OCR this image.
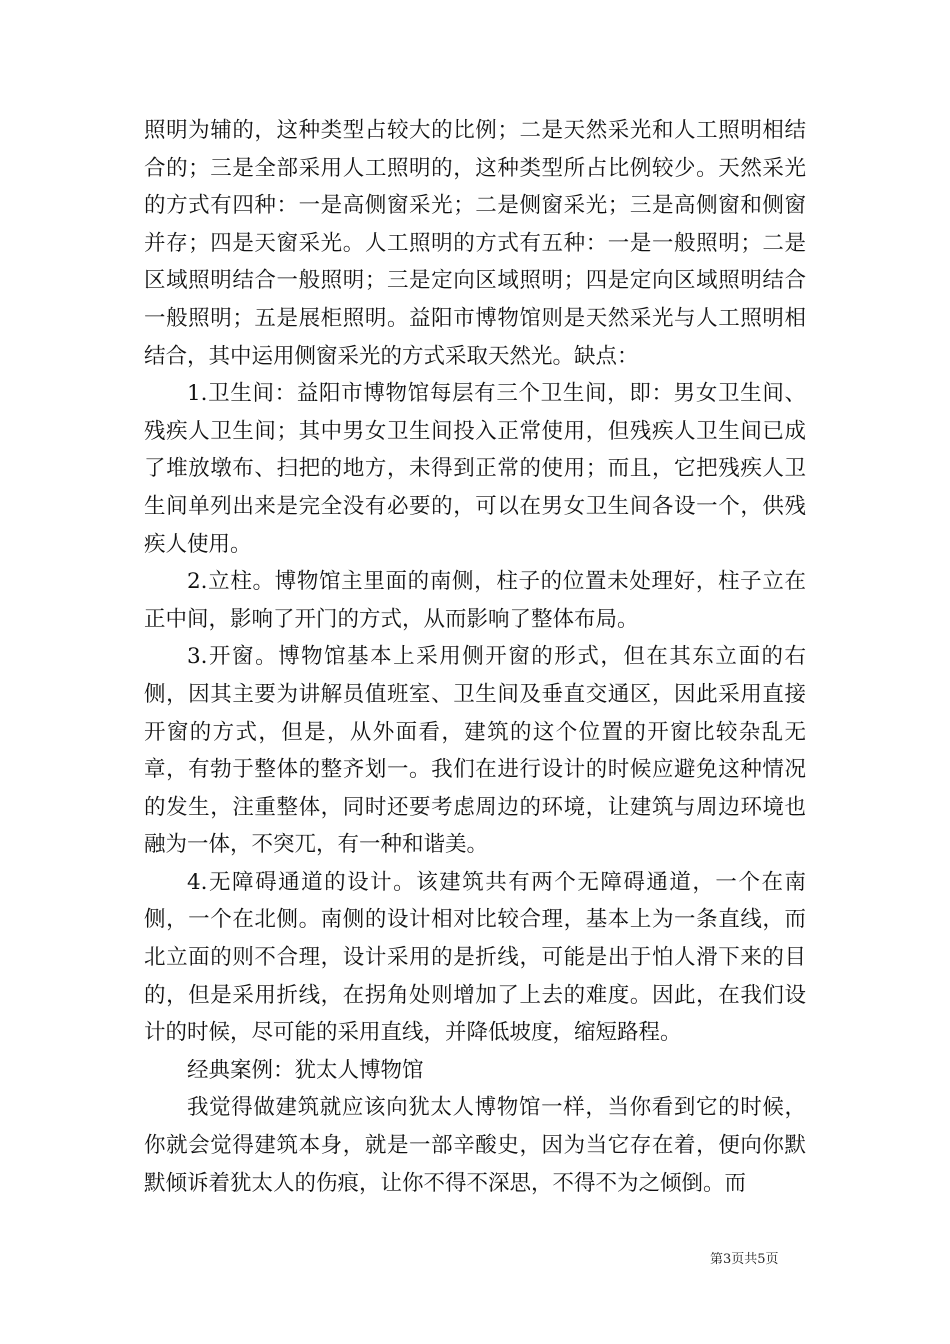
照明为辅的，这种类型占较大的比例；二是天然采光和人工照明相结合的；三是全部采用人工照明的，这种类型所占比例较少。天然采光的方式有四种：一是高侧窗采光；二是侧窗采光；三是高侧窗和侧窗并存；四是天窗采光。人工照明的方式有五种：一是一般照明；二是区域照明结合一般照明；三是定向区域照明；四是定向区域照明结合一般照明；五是展柜照明。益阳市博物馆则是天然采光与人工照明相结合，其中运用侧窗采光的方式采取天然光。缺点：

1.卫生间：益阳市博物馆每层有三个卫生间，即：男女卫生间、残疾人卫生间；其中男女卫生间投入正常使用，但残疾人卫生间已成了堆放墩布、扫把的地方，未得到正常的使用；而且，它把残疾人卫生间单列出来是完全没有必要的，可以在男女卫生间各设一个，供残疾人使用。

2.立柱。博物馆主里面的南侧，柱子的位置未处理好，柱子立在正中间，影响了开门的方式，从而影响了整体布局。

3.开窗。博物馆基本上采用侧开窗的形式，但在其东立面的右侧，因其主要为讲解员值班室、卫生间及垂直交通区，因此采用直接开窗的方式，但是，从外面看，建筑的这个位置的开窗比较杂乱无章，有勃于整体的整齐划一。我们在进行设计的时候应避免这种情况的发生，注重整体，同时还要考虑周边的环境，让建筑与周边环境也融为一体，不突兀，有一种和谐美。

4.无障碍通道的设计。该建筑共有两个无障碍通道，一个在南侧，一个在北侧。南侧的设计相对比较合理，基本上为一条直线，而北立面的则不合理，设计采用的是折线，可能是出于怕人滑下来的目的，但是采用折线，在拐角处则增加了上去的难度。因此，在我们设计的时候，尽可能的采用直线，并降低坡度，缩短路程。

经典案例：犹太人博物馆

我觉得做建筑就应该向犹太人博物馆一样，当你看到它的时候，你就会觉得建筑本身，就是一部辛酸史，因为当它存在着，便向你默默倾诉着犹太人的伤痕，让你不得不深思，不得不为之倾倒。而

第3页共5页
